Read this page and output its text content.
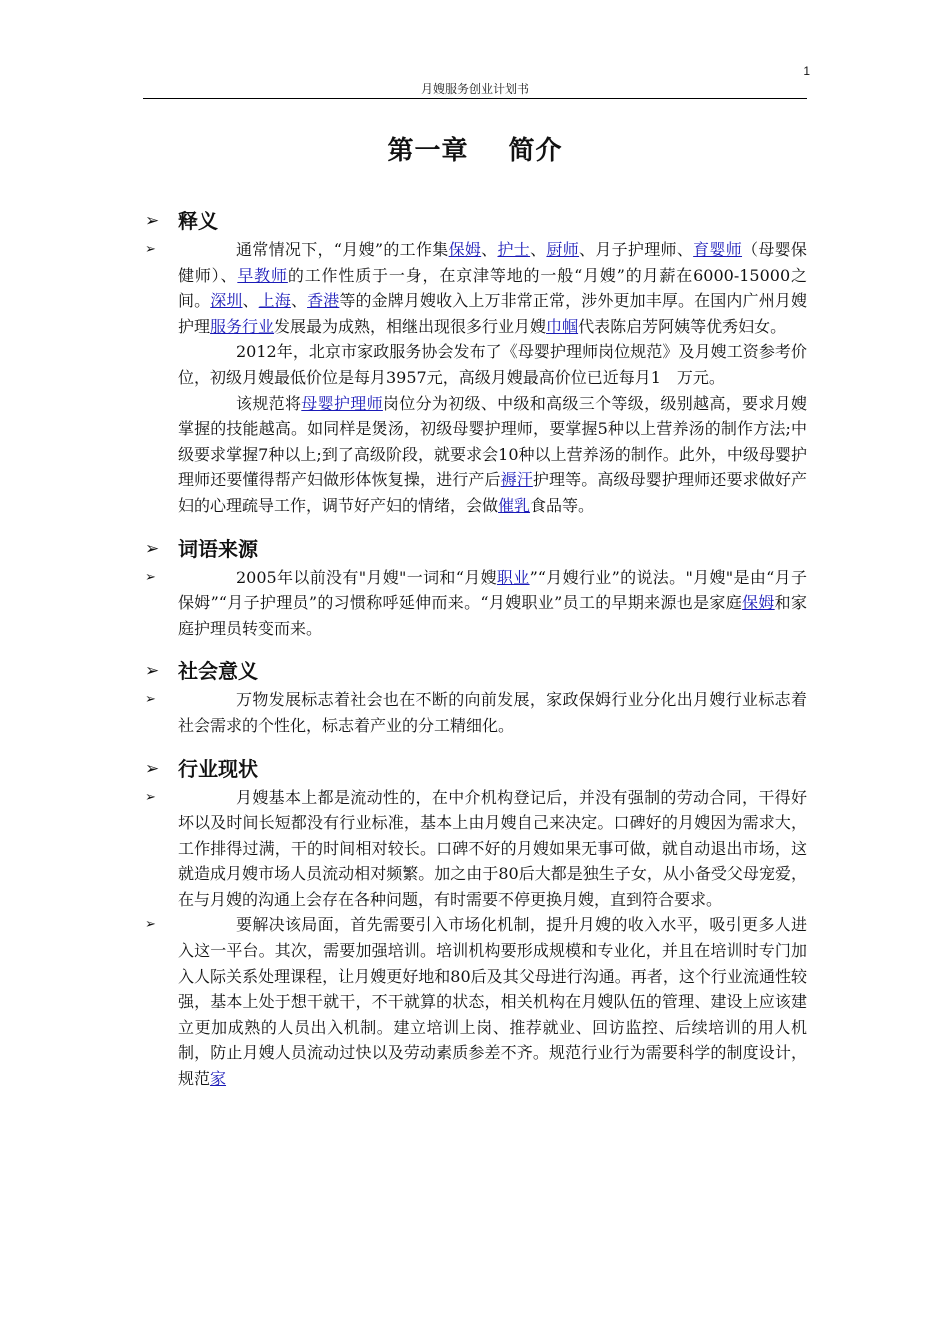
1
月嫂服务创业计划书
第一章 简介
➢ 释义
➢	通常情况下，“月嫂”的工作集保姆、护士、厨师、月子护理师、育婴师（母婴保健师）、早教师的工作性质于一身，在京津等地的一般“月嫂”的月薪在6000-15000之间。深圳、上海、香港等的金牌月嫂收入上万非常正常，涉外更加丰厚。在国内广州月嫂护理服务行业发展最为成熟，相继出现很多行业月嫂巾帼代表陈启芳阿姨等优秀妇女。

2012年，北京市家政服务协会发布了《母婴护理师岗位规范》及月嫂工资参考价位，初级月嫂最低价位是每月3957元，高级月嫂最高价位已近每月1　万元。

该规范将母婴护理师岗位分为初级、中级和高级三个等级，级别越高，要求月嫂掌握的技能越高。如同样是煲汤，初级母婴护理师，要掌握5种以上营养汤的制作方法;中级要求掌握7种以上;到了高级阶段，就要求会10种以上营养汤的制作。此外，中级母婴护理师还要懂得帮产妇做形体恢复操，进行产后褥汗护理等。高级母婴护理师还要求做好产妇的心理疏导工作，调节好产妇的情绪，会做催乳食品等。

➢ 词语来源
➢	2005年以前没有"月嫂"一词和“月嫂职业”“月嫂行业”的说法。"月嫂"是由“月子保姆”“月子护理员”的习惯称呼延伸而来。“月嫂职业”员工的早期来源也是家庭保姆和家庭护理员转变而来。

➢ 社会意义
➢	万物发展标志着社会也在不断的向前发展，家政保姆行业分化出月嫂行业标志着社会需求的个性化，标志着产业的分工精细化。

➢ 行业现状
➢	月嫂基本上都是流动性的，在中介机构登记后，并没有强制的劳动合同，干得好坏以及时间长短都没有行业标准，基本上由月嫂自己来决定。口碑好的月嫂因为需求大，工作排得过满，干的时间相对较长。口碑不好的月嫂如果无事可做，就自动退出市场，这就造成月嫂市场人员流动相对频繁。加之由于80后大都是独生子女，从小备受父母宠爱，在与月嫂的沟通上会存在各种问题，有时需要不停更换月嫂，直到符合要求。

➢	要解决该局面，首先需要引入市场化机制，提升月嫂的收入水平，吸引更多人进入这一平台。其次，需要加强培训。培训机构要形成规模和专业化，并且在培训时专门加入人际关系处理课程，让月嫂更好地和80后及其父母进行沟通。再者，这个行业流通性较强，基本上处于想干就干，不干就算的状态，相关机构在月嫂队伍的管理、建设上应该建立更加成熟的人员出入机制。建立培训上岗、推荐就业、回访监控、后续培训的用人机制，防止月嫂人员流动过快以及劳动素质参差不齐。规范行业行为需要科学的制度设计，规范家
